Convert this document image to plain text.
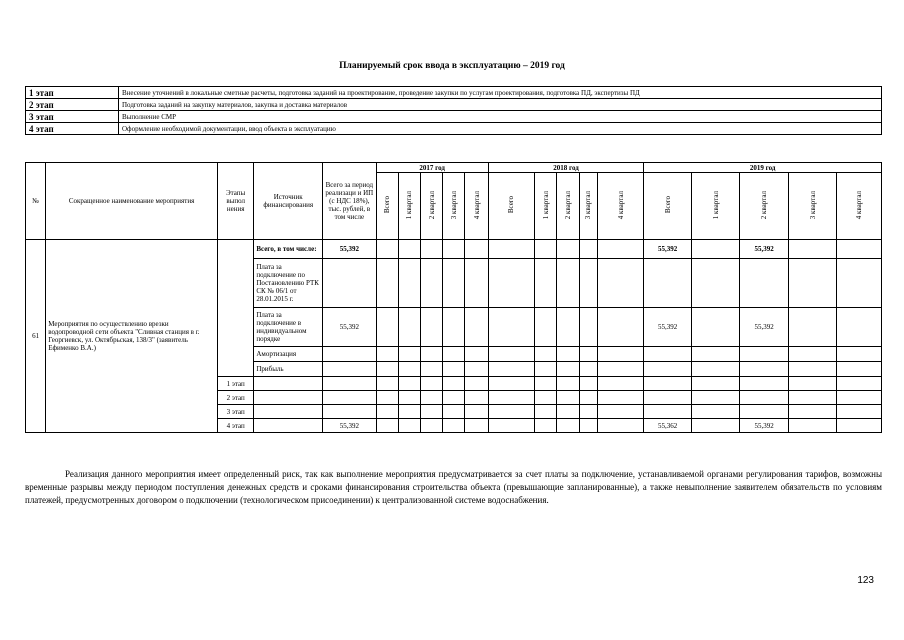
Планируемый срок ввода в эксплуатацию – 2019 год
1 этап	Внесение уточнений в локальные сметные расчеты, подготовка заданий на проектирование, проведение закупки по услугам проектирования, подготовка ПД, экспертизы ПД
2 этап	Подготовка заданий на закупку материалов, закупка и доставка материалов
3 этап	Выполнение СМР
4 этап	Оформление необходимой документации, ввод объекта в эксплуатацию
№	Сокращенное наименование мероприятия	Этапы выпол нения	Источник финансирования	Всего за период реализаци и ИП (с НДС 18%), тыс. рублей, в том числе	2017 год					2018 год					2019 год				
					Всего	1 квартал	2 квартал	3 квартал	4 квартал	Всего	1 квартал	2 квартал	3 квартал	4 квартал	Всего	1 квартал	2 квартал	3 квартал	4 квартал
61	Мероприятия по осуществлению врезки водопроводной сети объекта "Сливная станция в г. Георгиевск, ул. Октябрьская, 138/3" (заявитель Ефименко В.А.)		Всего, в том числе:	55,392											55,392		55,392		
			Плата за подключение по Постановлению РТК СК № 06/1 от 28.01.2015 г.																
			Плата за подключение в индивидуальном порядке	55,392											55,392		55,392		
			Амортизация																
			Прибыль																
		1 этап																	
		2 этап																	
		3 этап																	
		4 этап		55,392											55,362		55,392		
Реализация данного мероприятия имеет определенный риск, так как выполнение мероприятия предусматривается за счет платы за подключение, устанавливаемой органами регулирования тарифов, возможны временные разрывы между периодом поступления денежных средств и сроками финансирования строительства объекта (превышающие запланированные), а также невыполнение заявителем обязательств по условиям платежей, предусмотренных договором о подключении (технологическом присоединении) к централизованной системе водоснабжения.
123
